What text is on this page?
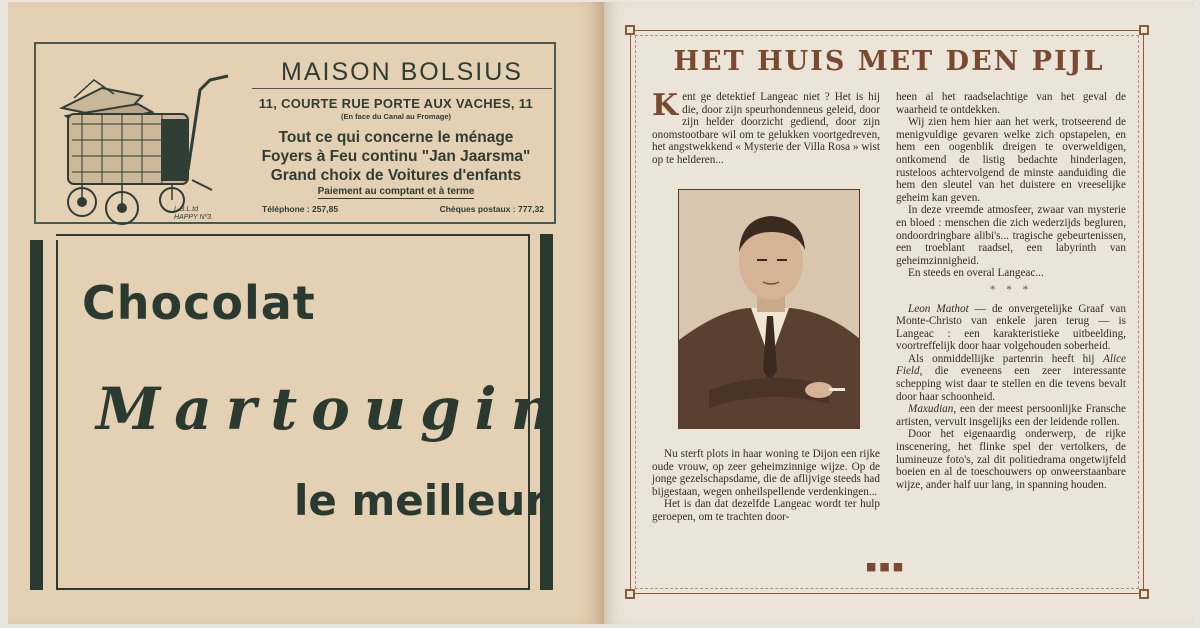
L.B.L.td
HAPPY Nº3.
MAISON BOLSIUS
11, COURTE RUE PORTE AUX VACHES, 11
(En face du Canal au Fromage)
Tout ce qui concerne le ménage
Foyers à Feu continu "Jan Jaarsma"
Grand choix de Voitures d'enfants
Paiement au comptant et à terme
Téléphone : 257,85	Chèques postaux : 777,32
Chocolat
Martougin
le meilleur
HET HUIS MET DEN PIJL
K ent ge detektief Langeac niet ? Het is hij die, door zijn speurhondenneus geleid, door zijn helder doorzicht gediend, door zijn onomstootbare wil om te gelukken voortgedreven, het angstwekkend « Mysterie der Villa Rosa » wist op te helderen...

Nu sterft plots in haar woning te Dijon een rijke oude vrouw, op zeer geheimzinnige wijze. Op de jonge gezelschapsdame, die de aflijvige steeds had bijgestaan, wegen onheilspellende verdenkingen...

Het is dan dat dezelfde Langeac wordt ter hulp geroepen, om te trachten door-

heen al het raadselachtige van het geval de waarheid te ontdekken.

Wij zien hem hier aan het werk, trotseerend de menigvuldige gevaren welke zich opstapelen, en hem een oogenblik dreigen te overweldigen, ontkomend de listig bedachte hinderlagen, rusteloos achtervolgend de minste aanduiding die hem den sleutel van het duistere en vreeselijke geheim kan geven.

In deze vreemde atmosfeer, zwaar van mysterie en bloed : menschen die zich wederzijds begluren, ondoordringbare alibi's... tragische gebeurtenissen, een troeblant raadsel, een labyrinth van geheimzinnigheid.

En steeds en overal Langeac...

* * *

Leon Mathot — de onvergetelijke Graaf van Monte-Christo van enkele jaren terug — is Langeac : een karakteristieke uitbeelding, voortreffelijk door haar volgehouden soberheid.

Als onmiddellijke partenrin heeft hij Alice Field, die eveneens een zeer interessante schepping wist daar te stellen en die tevens bevalt door haar schoonheid.

Maxudian, een der meest persoonlijke Fransche artisten, vervult insgelijks een der leidende rollen.

Door het eigenaardig onderwerp, de rijke inscenering, het flinke spel der vertolkers, de lumineuze foto's, zal dit politiedrama ongetwijfeld boeien en al de toeschouwers op onweerstaanbare wijze, ander half uur lang, in spanning houden.

■■■
